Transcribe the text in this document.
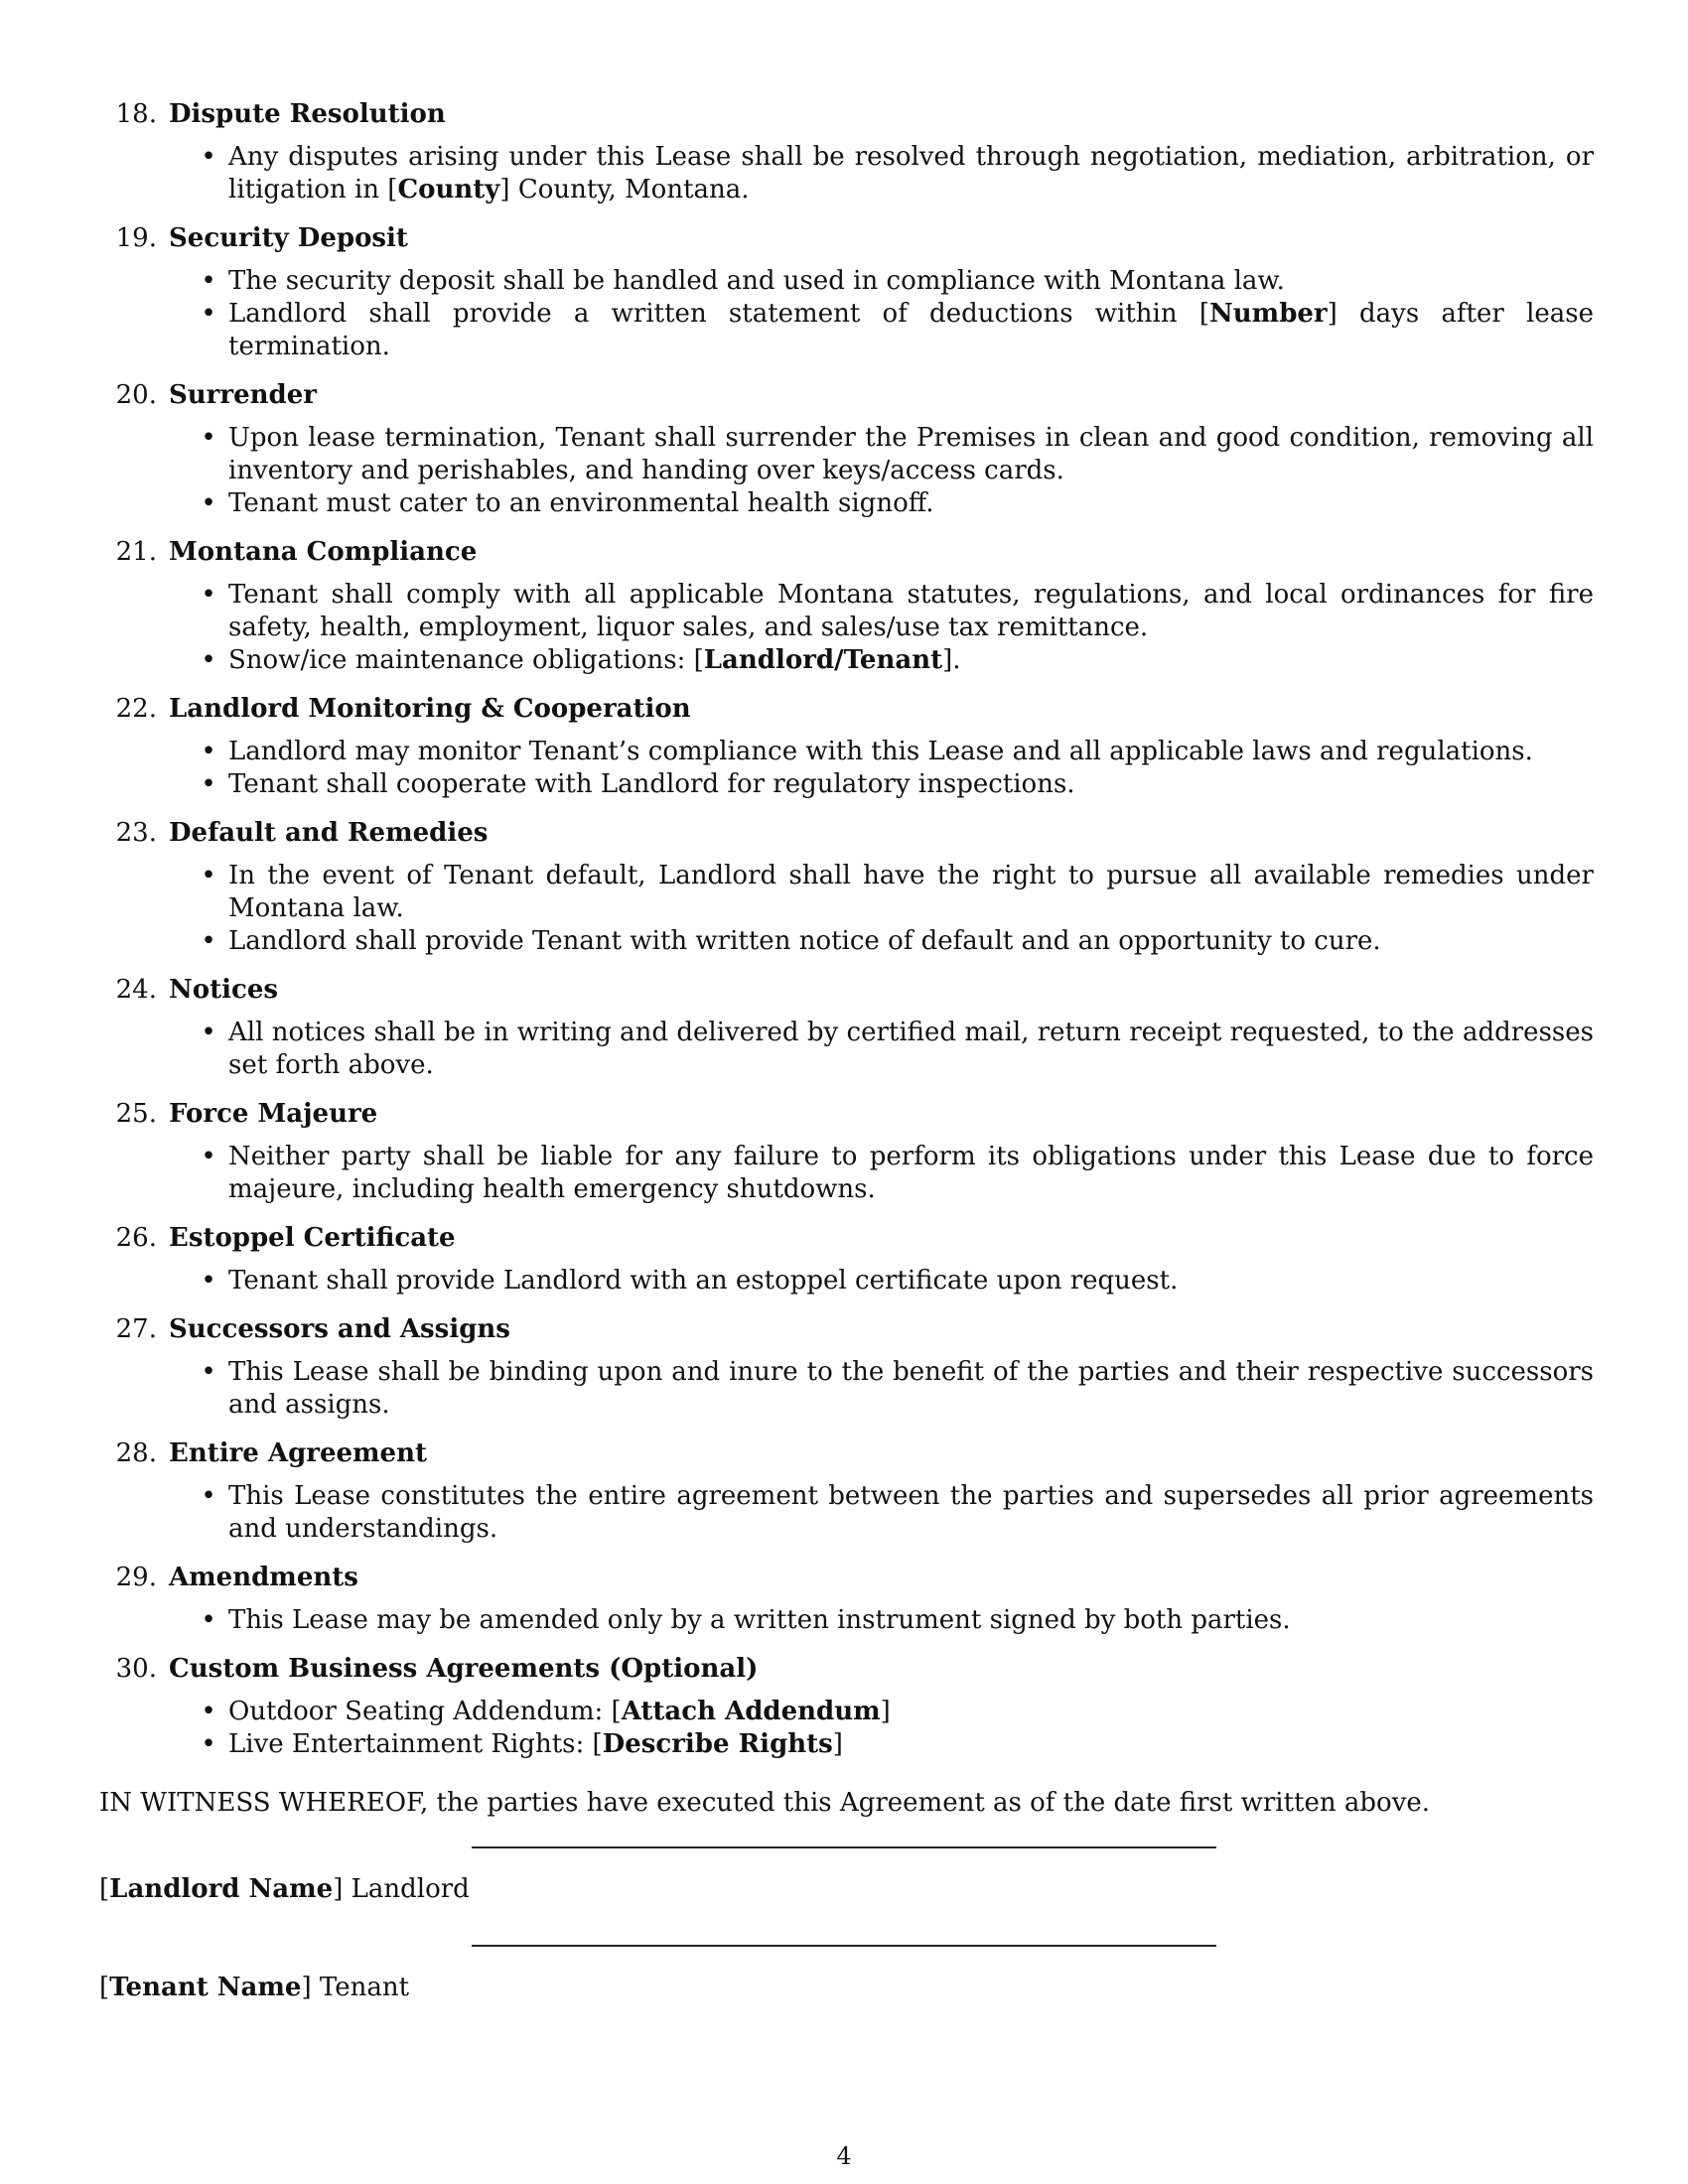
18. Dispute Resolution
• Any disputes arising under this Lease shall be resolved through negotiation, mediation, arbitration, or litigation in [County] County, Montana.
19. Security Deposit
• The security deposit shall be handled and used in compliance with Montana law.
• Landlord shall provide a written statement of deductions within [Number] days after lease termination.
20. Surrender
• Upon lease termination, Tenant shall surrender the Premises in clean and good condition, removing all inventory and perishables, and handing over keys/access cards.
• Tenant must cater to an environmental health signoff.
21. Montana Compliance
• Tenant shall comply with all applicable Montana statutes, regulations, and local ordinances for fire safety, health, employment, liquor sales, and sales/use tax remittance.
• Snow/ice maintenance obligations: [Landlord/Tenant].
22. Landlord Monitoring & Cooperation
• Landlord may monitor Tenant’s compliance with this Lease and all applicable laws and regulations.
• Tenant shall cooperate with Landlord for regulatory inspections.
23. Default and Remedies
• In the event of Tenant default, Landlord shall have the right to pursue all available remedies under Montana law.
• Landlord shall provide Tenant with written notice of default and an opportunity to cure.
24. Notices
• All notices shall be in writing and delivered by certified mail, return receipt requested, to the addresses set forth above.
25. Force Majeure
• Neither party shall be liable for any failure to perform its obligations under this Lease due to force majeure, including health emergency shutdowns.
26. Estoppel Certificate
• Tenant shall provide Landlord with an estoppel certificate upon request.
27. Successors and Assigns
• This Lease shall be binding upon and inure to the benefit of the parties and their respective successors and assigns.
28. Entire Agreement
• This Lease constitutes the entire agreement between the parties and supersedes all prior agreements and understandings.
29. Amendments
• This Lease may be amended only by a written instrument signed by both parties.
30. Custom Business Agreements (Optional)
• Outdoor Seating Addendum: [Attach Addendum]
• Live Entertainment Rights: [Describe Rights]
IN WITNESS WHEREOF, the parties have executed this Agreement as of the date first written above.
[Landlord Name] Landlord
[Tenant Name] Tenant
4
